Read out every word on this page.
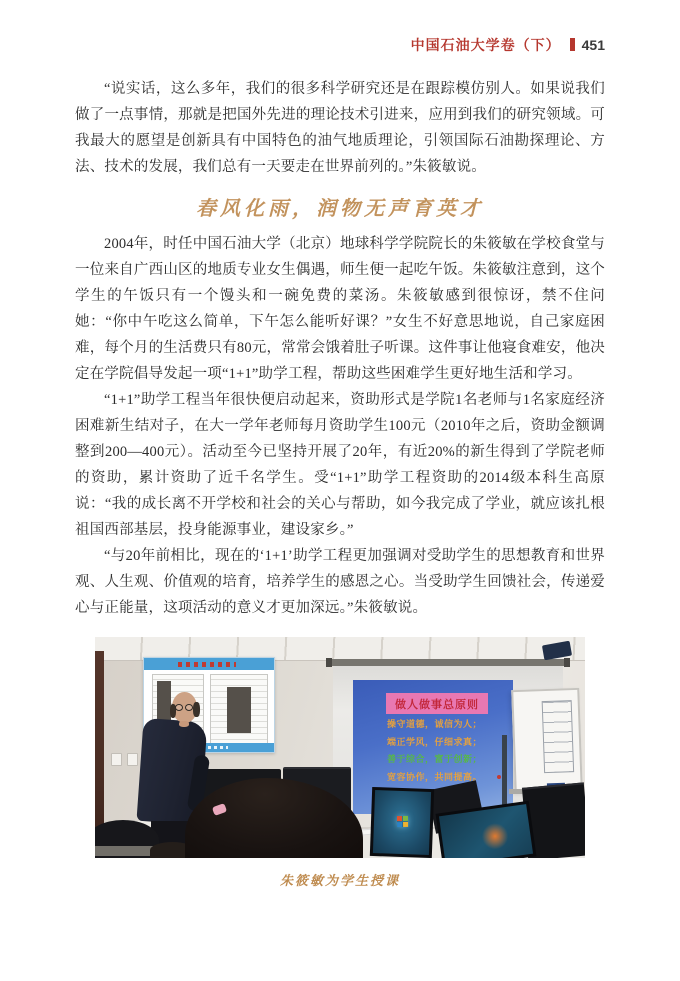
中国石油大学卷（下） 451

“说实话，这么多年，我们的很多科学研究还是在跟踪模仿别人。如果说我们做了一点事情，那就是把国外先进的理论技术引进来，应用到我们的研究领域。可我最大的愿望是创新具有中国特色的油气地质理论，引领国际石油勘探理论、方法、技术的发展，我们总有一天要走在世界前列的。”朱筱敏说。

春风化雨，润物无声育英才

2004年，时任中国石油大学（北京）地球科学学院院长的朱筱敏在学校食堂与一位来自广西山区的地质专业女生偶遇，师生便一起吃午饭。朱筱敏注意到，这个学生的午饭只有一个馒头和一碗免费的菜汤。朱筱敏感到很惊讶，禁不住问她：“你中午吃这么简单，下午怎么能听好课？”女生不好意思地说，自己家庭困难，每个月的生活费只有80元，常常会饿着肚子听课。这件事让他寝食难安，他决定在学院倡导发起一项“1+1”助学工程，帮助这些困难学生更好地生活和学习。

“1+1”助学工程当年很快便启动起来，资助形式是学院1名老师与1名家庭经济困难新生结对子，在大一学年老师每月资助学生100元（2010年之后，资助金额调整到200—400元）。活动至今已坚持开展了20年，有近20%的新生得到了学院老师的资助，累计资助了近千名学生。受“1+1”助学工程资助的2014级本科生高原说：“我的成长离不开学校和社会的关心与帮助，如今我完成了学业，就应该扎根祖国西部基层，投身能源事业，建设家乡。”

“与20年前相比，现在的‘1+1’助学工程更加强调对受助学生的思想教育和世界观、人生观、价值观的培育，培养学生的感恩之心。当受助学生回馈社会，传递爱心与正能量，这项活动的意义才更加深远。”朱筱敏说。

做人做事总原则
操守道德，诚信为人；
端正学风，仔细求真；
善于综合，富于创新；
宽容协作，共同提高。
朱筱敏为学生授课
